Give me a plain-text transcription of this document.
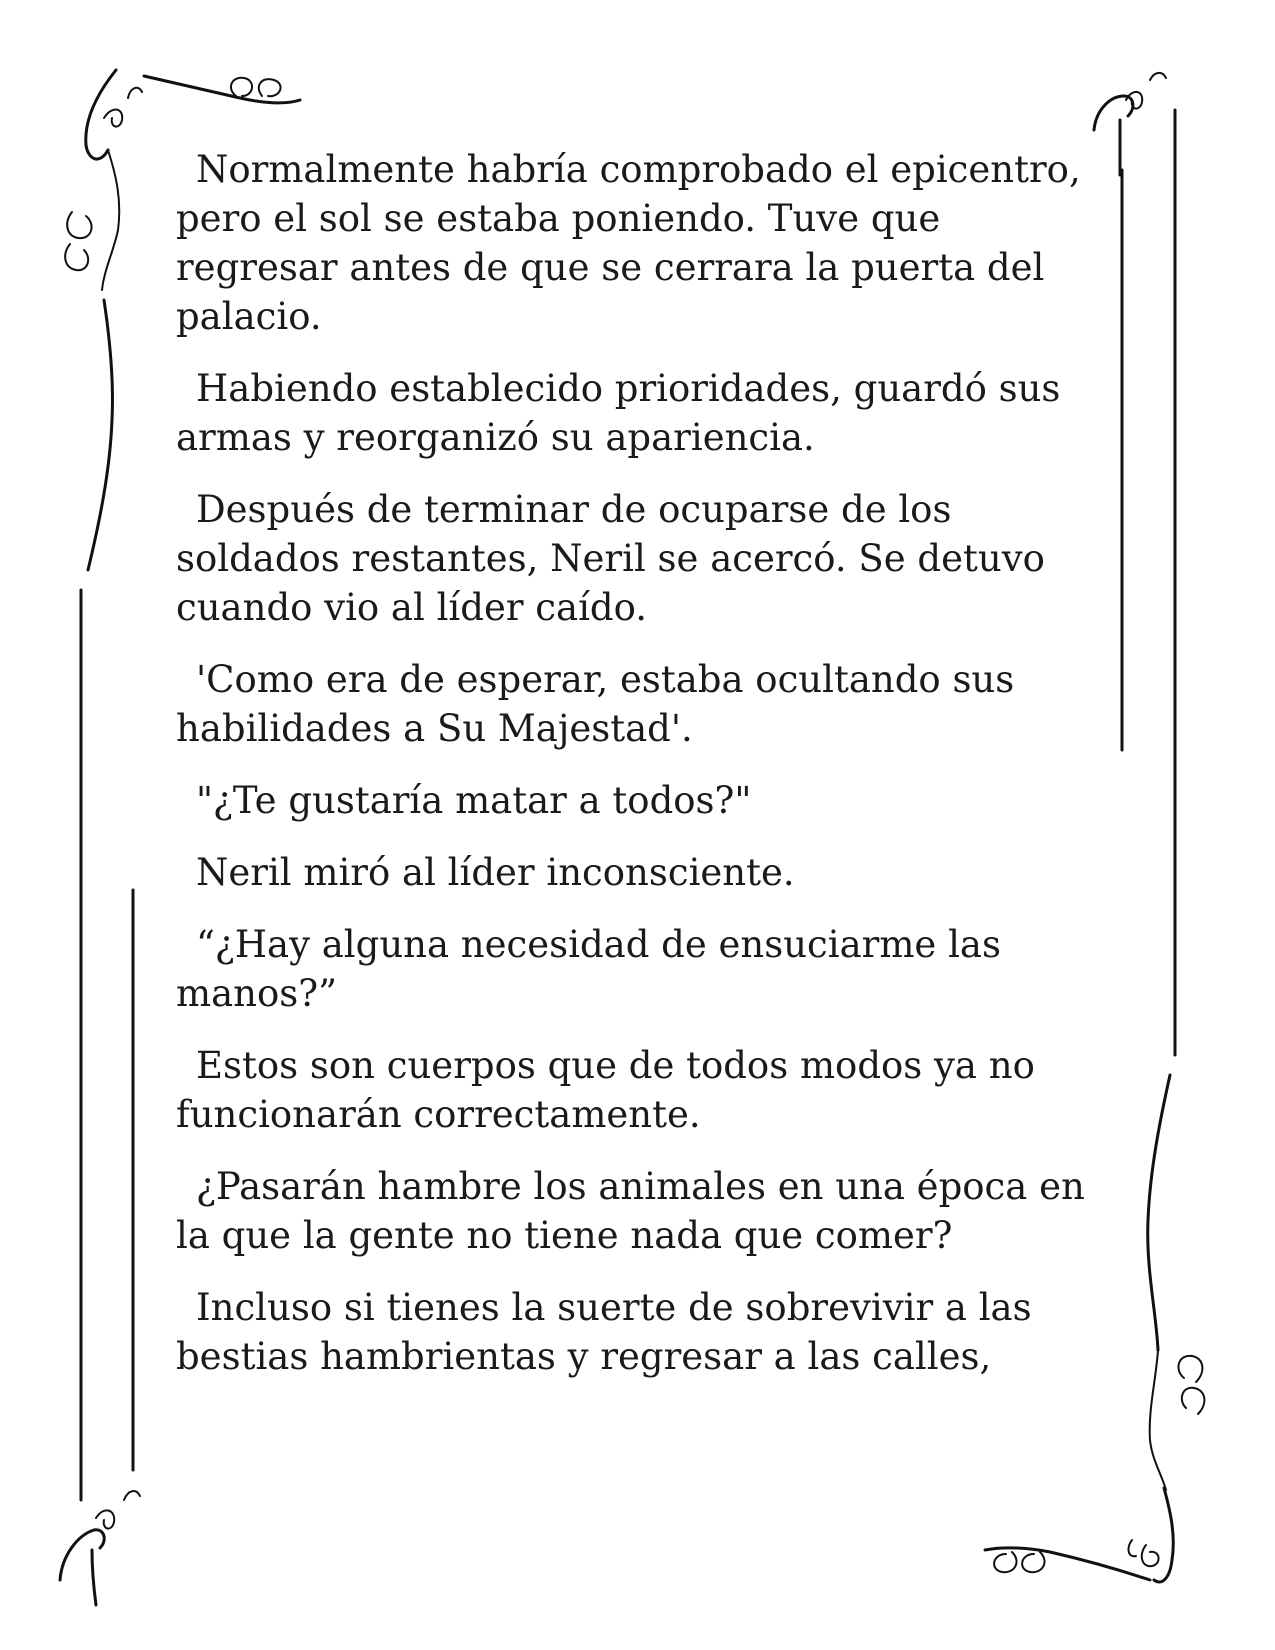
Normalmente habría comprobado el epicentro, pero el sol se estaba poniendo. Tuve que regresar antes de que se cerrara la puerta del palacio.

Habiendo establecido prioridades, guardó sus armas y reorganizó su apariencia.

Después de terminar de ocuparse de los soldados restantes, Neril se acercó. Se detuvo cuando vio al líder caído.

'Como era de esperar, estaba ocultando sus habilidades a Su Majestad'.

"¿Te gustaría matar a todos?"

Neril miró al líder inconsciente.

“¿Hay alguna necesidad de ensuciarme las manos?”

Estos son cuerpos que de todos modos ya no funcionarán correctamente.

¿Pasarán hambre los animales en una época en la que la gente no tiene nada que comer?

Incluso si tienes la suerte de sobrevivir a las bestias hambrientas y regresar a las calles,
